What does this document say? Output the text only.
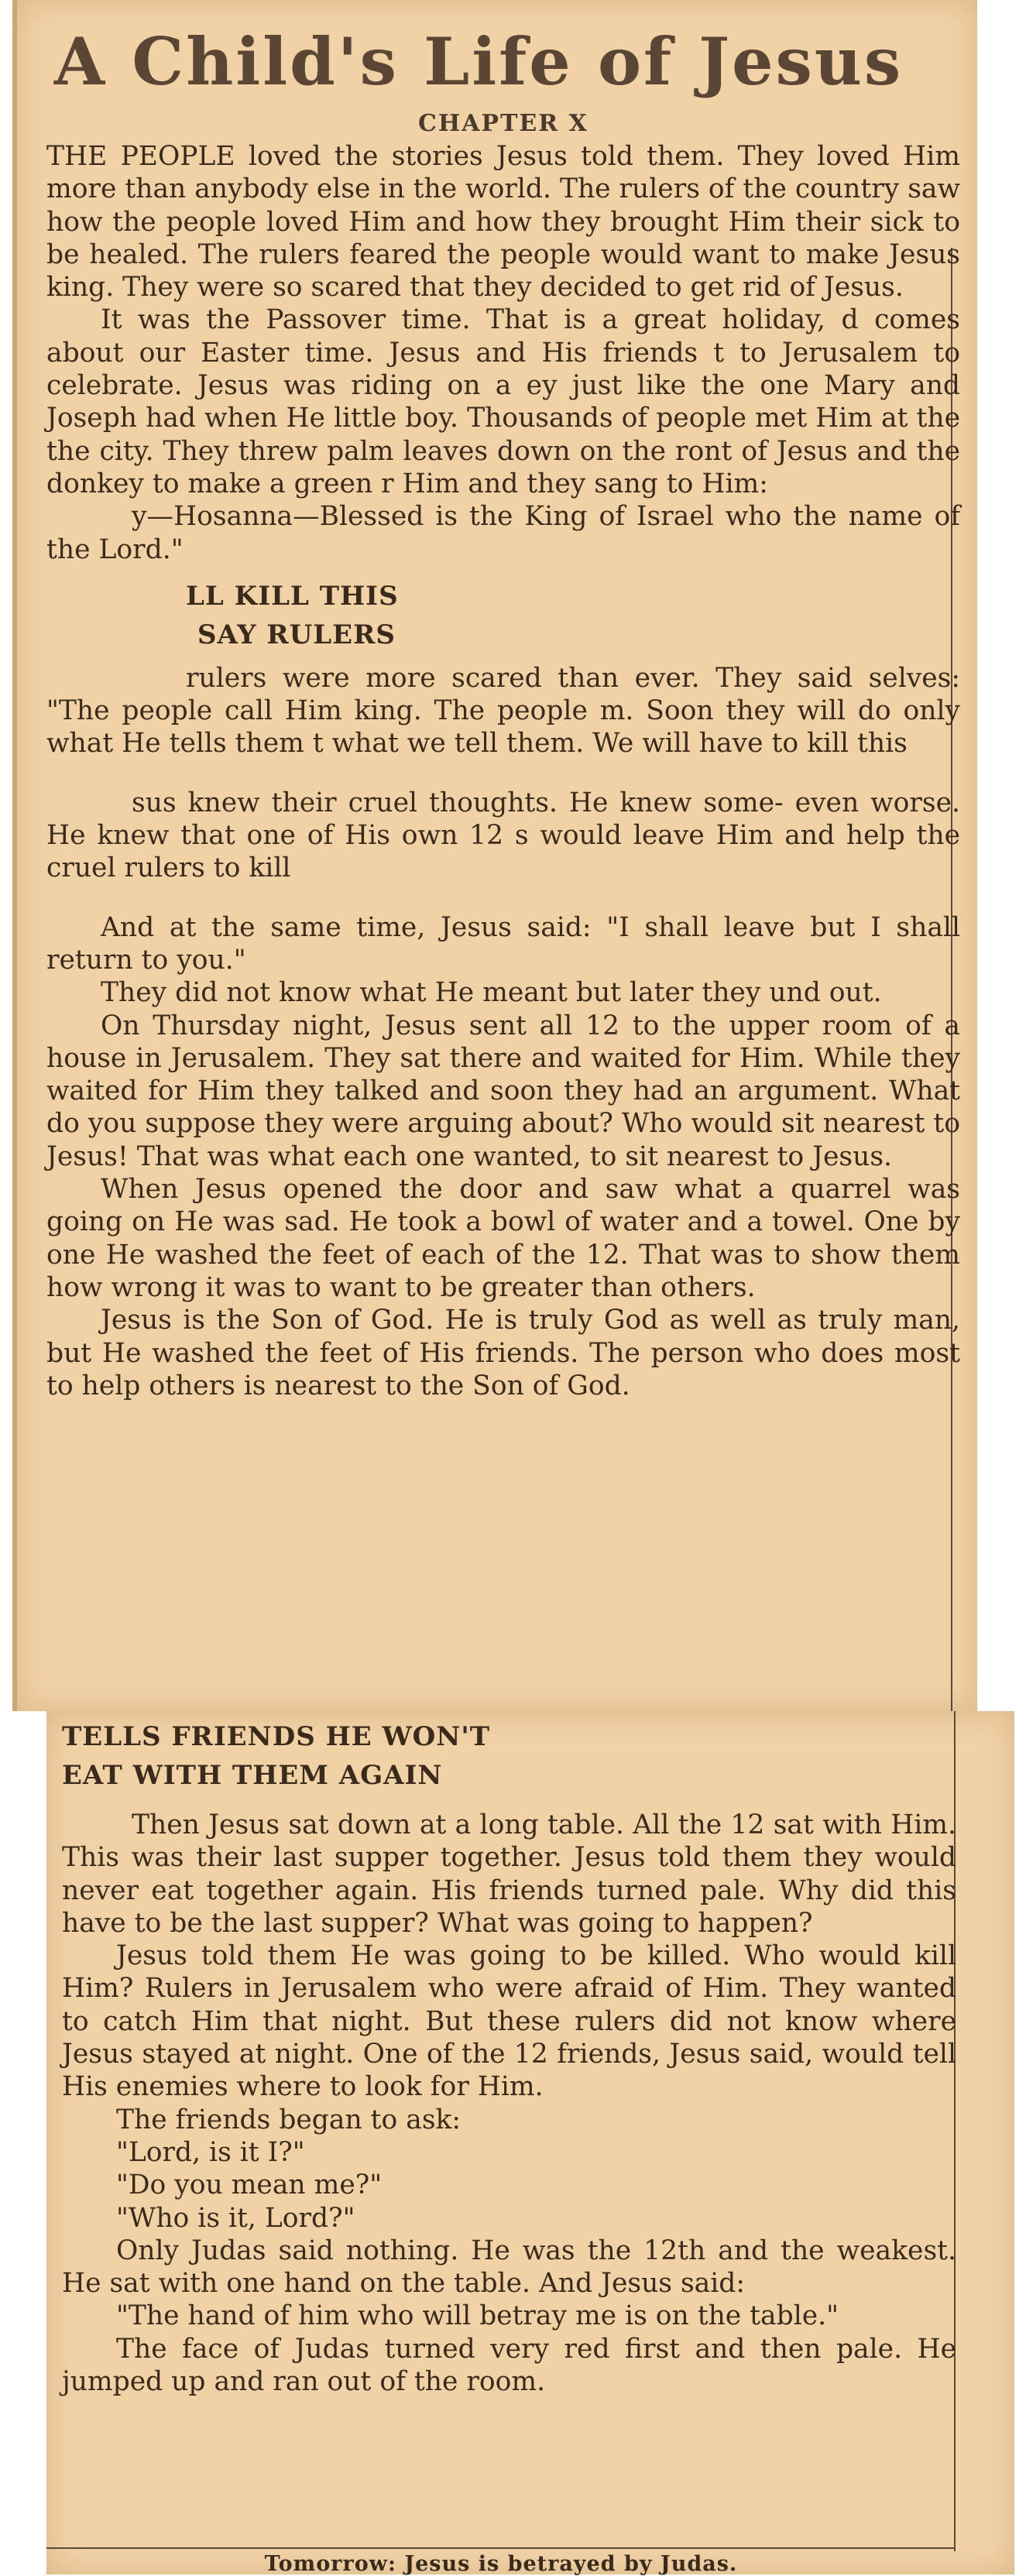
A Child's Life of Jesus
CHAPTER X

THE PEOPLE loved the stories Jesus told them. They loved Him more than anybody else in the world. The rulers of the country saw how the people loved Him and how they brought Him their sick to be healed. The rulers feared the people would want to make Jesus king. They were so scared that they decided to get rid of Jesus.

It was the Passover time. That is a great holiday, d comes about our Easter time. Jesus and His friends t to Jerusalem to celebrate. Jesus was riding on a ey just like the one Mary and Joseph had when He little boy. Thousands of people met Him at the the city. They threw palm leaves down on the ront of Jesus and the donkey to make a green r Him and they sang to Him:

y—Hosanna—Blessed is the King of Israel who the name of the Lord."

LL KILL THIS
SAY RULERS

rulers were more scared than ever. They said selves: "The people call Him king. The people m. Soon they will do only what He tells them t what we tell them. We will have to kill this

sus knew their cruel thoughts. He knew some- even worse. He knew that one of His own 12 s would leave Him and help the cruel rulers to kill

And at the same time, Jesus said: "I shall leave but I shall return to you."

They did not know what He meant but later they und out.

On Thursday night, Jesus sent all 12 to the upper room of a house in Jerusalem. They sat there and waited for Him. While they waited for Him they talked and soon they had an argument. What do you suppose they were arguing about? Who would sit nearest to Jesus! That was what each one wanted, to sit nearest to Jesus.

When Jesus opened the door and saw what a quarrel was going on He was sad. He took a bowl of water and a towel. One by one He washed the feet of each of the 12. That was to show them how wrong it was to want to be greater than others.

Jesus is the Son of God. He is truly God as well as truly man, but He washed the feet of His friends. The person who does most to help others is nearest to the Son of God.

TELLS FRIENDS HE WON'T
EAT WITH THEM AGAIN

Then Jesus sat down at a long table. All the 12 sat with Him. This was their last supper together. Jesus told them they would never eat together again. His friends turned pale. Why did this have to be the last supper? What was going to happen?

Jesus told them He was going to be killed. Who would kill Him? Rulers in Jerusalem who were afraid of Him. They wanted to catch Him that night. But these rulers did not know where Jesus stayed at night. One of the 12 friends, Jesus said, would tell His enemies where to look for Him.

The friends began to ask:

"Lord, is it I?"

"Do you mean me?"

"Who is it, Lord?"

Only Judas said nothing. He was the 12th and the weakest. He sat with one hand on the table. And Jesus said:

"The hand of him who will betray me is on the table."

The face of Judas turned very red first and then pale. He jumped up and ran out of the room.

Tomorrow: Jesus is betrayed by Judas.
